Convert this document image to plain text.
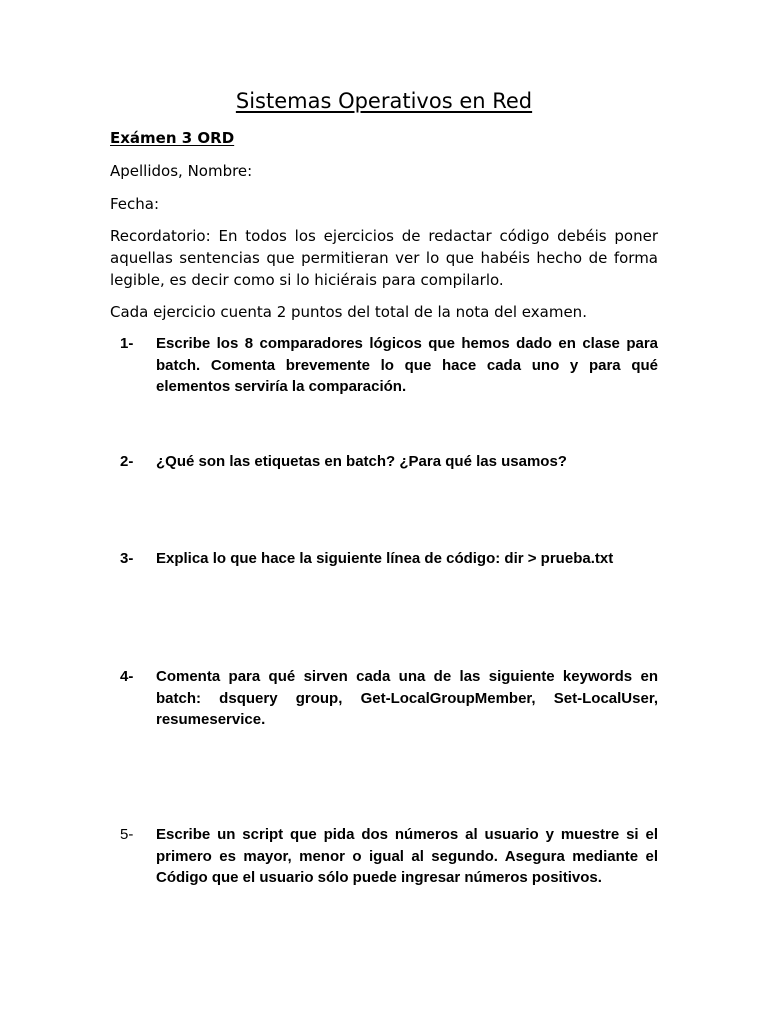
Sistemas Operativos en Red
Exámen 3 ORD
Apellidos, Nombre:
Fecha:
Recordatorio: En todos los ejercicios de redactar código debéis poner aquellas sentencias que permitieran ver lo que habéis hecho de forma legible, es decir como si lo hiciérais para compilarlo.
Cada ejercicio cuenta 2 puntos del total de la nota del examen.
1-	Escribe los 8 comparadores lógicos que hemos dado en clase para batch. Comenta brevemente lo que hace cada uno y para qué elementos serviría la comparación.
2-	¿Qué son las etiquetas en batch? ¿Para qué las usamos?
3-	Explica lo que hace la siguiente línea de código: dir > prueba.txt
4-	Comenta para qué sirven cada una de las siguiente keywords en batch: dsquery group, Get-LocalGroupMember, Set-LocalUser, resumeservice.
5-	Escribe un script que pida dos números al usuario y muestre si el primero es mayor, menor o igual al segundo. Asegura mediante el Código que el usuario sólo puede ingresar números positivos.
